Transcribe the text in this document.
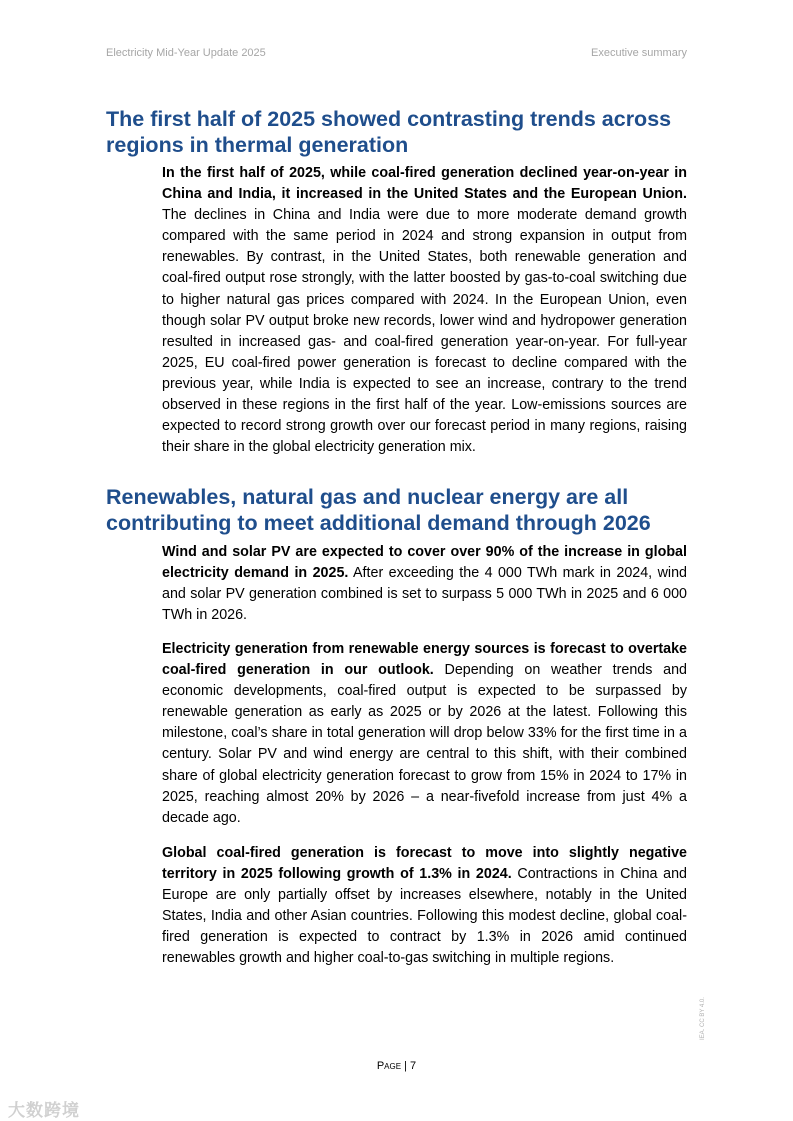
Electricity Mid-Year Update 2025	Executive summary
The first half of 2025 showed contrasting trends across regions in thermal generation

In the first half of 2025, while coal-fired generation declined year-on-year in China and India, it increased in the United States and the European Union. The declines in China and India were due to more moderate demand growth compared with the same period in 2024 and strong expansion in output from renewables. By contrast, in the United States, both renewable generation and coal-fired output rose strongly, with the latter boosted by gas-to-coal switching due to higher natural gas prices compared with 2024. In the European Union, even though solar PV output broke new records, lower wind and hydropower generation resulted in increased gas- and coal-fired generation year-on-year. For full-year 2025, EU coal-fired power generation is forecast to decline compared with the previous year, while India is expected to see an increase, contrary to the trend observed in these regions in the first half of the year. Low-emissions sources are expected to record strong growth over our forecast period in many regions, raising their share in the global electricity generation mix.

Renewables, natural gas and nuclear energy are all contributing to meet additional demand through 2026

Wind and solar PV are expected to cover over 90% of the increase in global electricity demand in 2025. After exceeding the 4 000 TWh mark in 2024, wind and solar PV generation combined is set to surpass 5 000 TWh in 2025 and 6 000 TWh in 2026.

Electricity generation from renewable energy sources is forecast to overtake coal-fired generation in our outlook. Depending on weather trends and economic developments, coal-fired output is expected to be surpassed by renewable generation as early as 2025 or by 2026 at the latest. Following this milestone, coal’s share in total generation will drop below 33% for the first time in a century. Solar PV and wind energy are central to this shift, with their combined share of global electricity generation forecast to grow from 15% in 2024 to 17% in 2025, reaching almost 20% by 2026 – a near-fivefold increase from just 4% a decade ago.

Global coal-fired generation is forecast to move into slightly negative territory in 2025 following growth of 1.3% in 2024. Contractions in China and Europe are only partially offset by increases elsewhere, notably in the United States, India and other Asian countries. Following this modest decline, global coal-fired generation is expected to contract by 1.3% in 2026 amid continued renewables growth and higher coal-to-gas switching in multiple regions.

Page | 7
IEA. CC BY 4.0.
大数跨境
